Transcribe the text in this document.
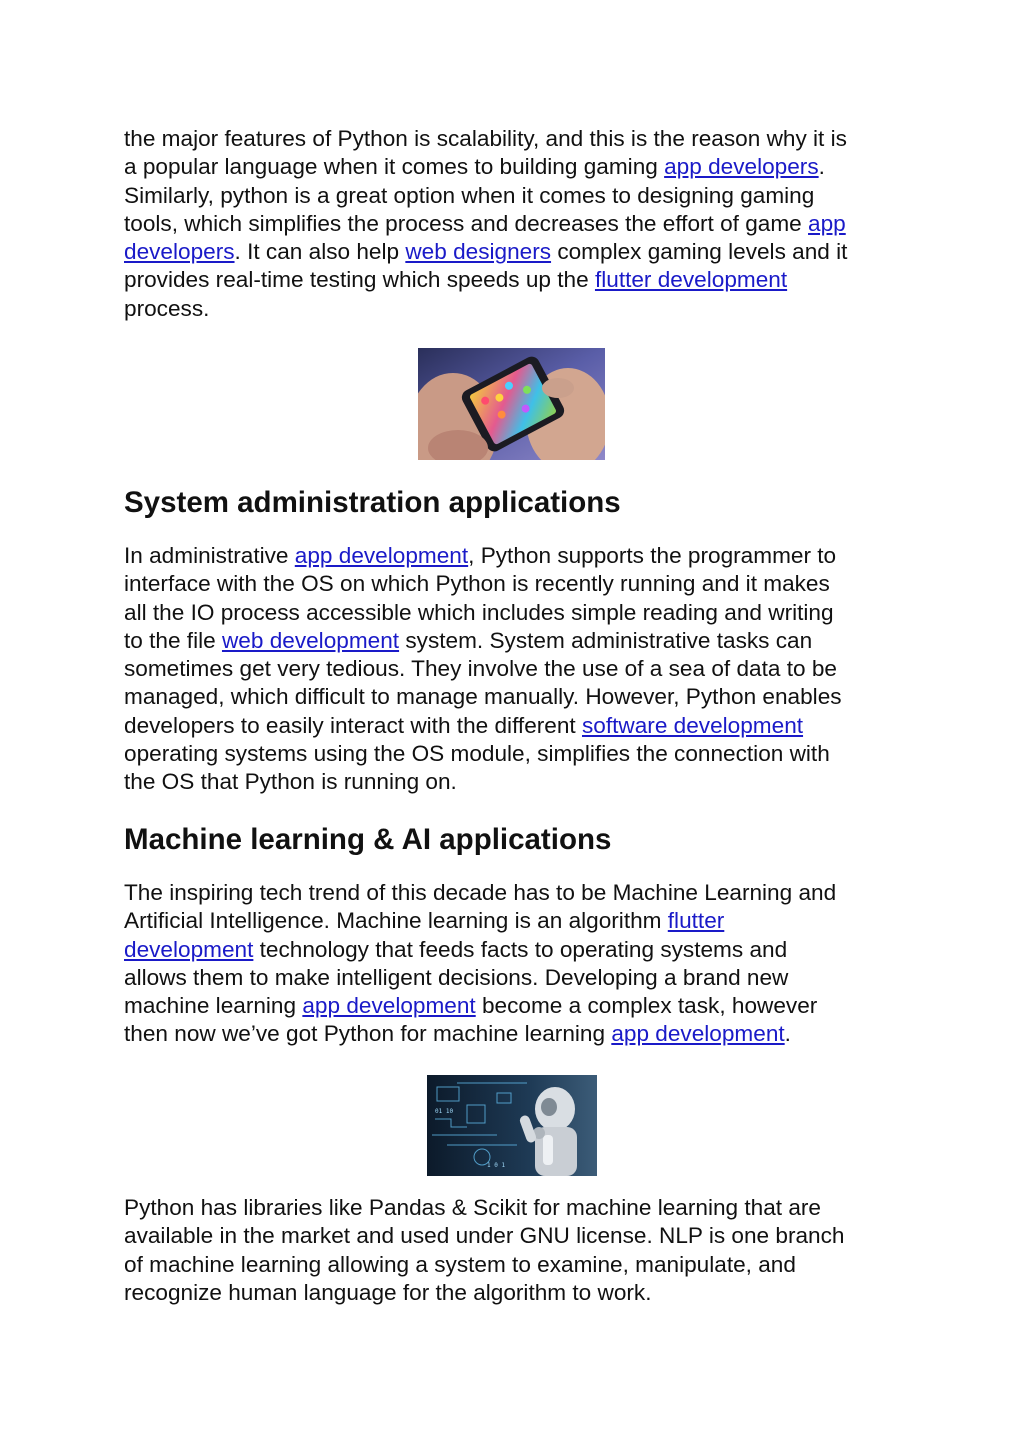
the major features of Python is scalability, and this is the reason why it is
a popular language when it comes to building gaming app developers.
Similarly, python is a great option when it comes to designing gaming
tools, which simplifies the process and decreases the effort of game app
developers. It can also help web designers complex gaming levels and it
provides real-time testing which speeds up the flutter development
process.

System administration applications

In administrative app development, Python supports the programmer to
interface with the OS on which Python is recently running and it makes
all the IO process accessible which includes simple reading and writing
to the file web development system. System administrative tasks can
sometimes get very tedious. They involve the use of a sea of data to be
managed, which difficult to manage manually. However, Python enables
developers to easily interact with the different software development
operating systems using the OS module, simplifies the connection with
the OS that Python is running on.

Machine learning & AI applications

The inspiring tech trend of this decade has to be Machine Learning and
Artificial Intelligence. Machine learning is an algorithm flutter
development technology that feeds facts to operating systems and
allows them to make intelligent decisions. Developing a brand new
machine learning app development become a complex task, however
then now we’ve got Python for machine learning app development.

01 10
1 0 1

Python has libraries like Pandas & Scikit for machine learning that are
available in the market and used under GNU license. NLP is one branch
of machine learning allowing a system to examine, manipulate, and
recognize human language for the algorithm to work.
